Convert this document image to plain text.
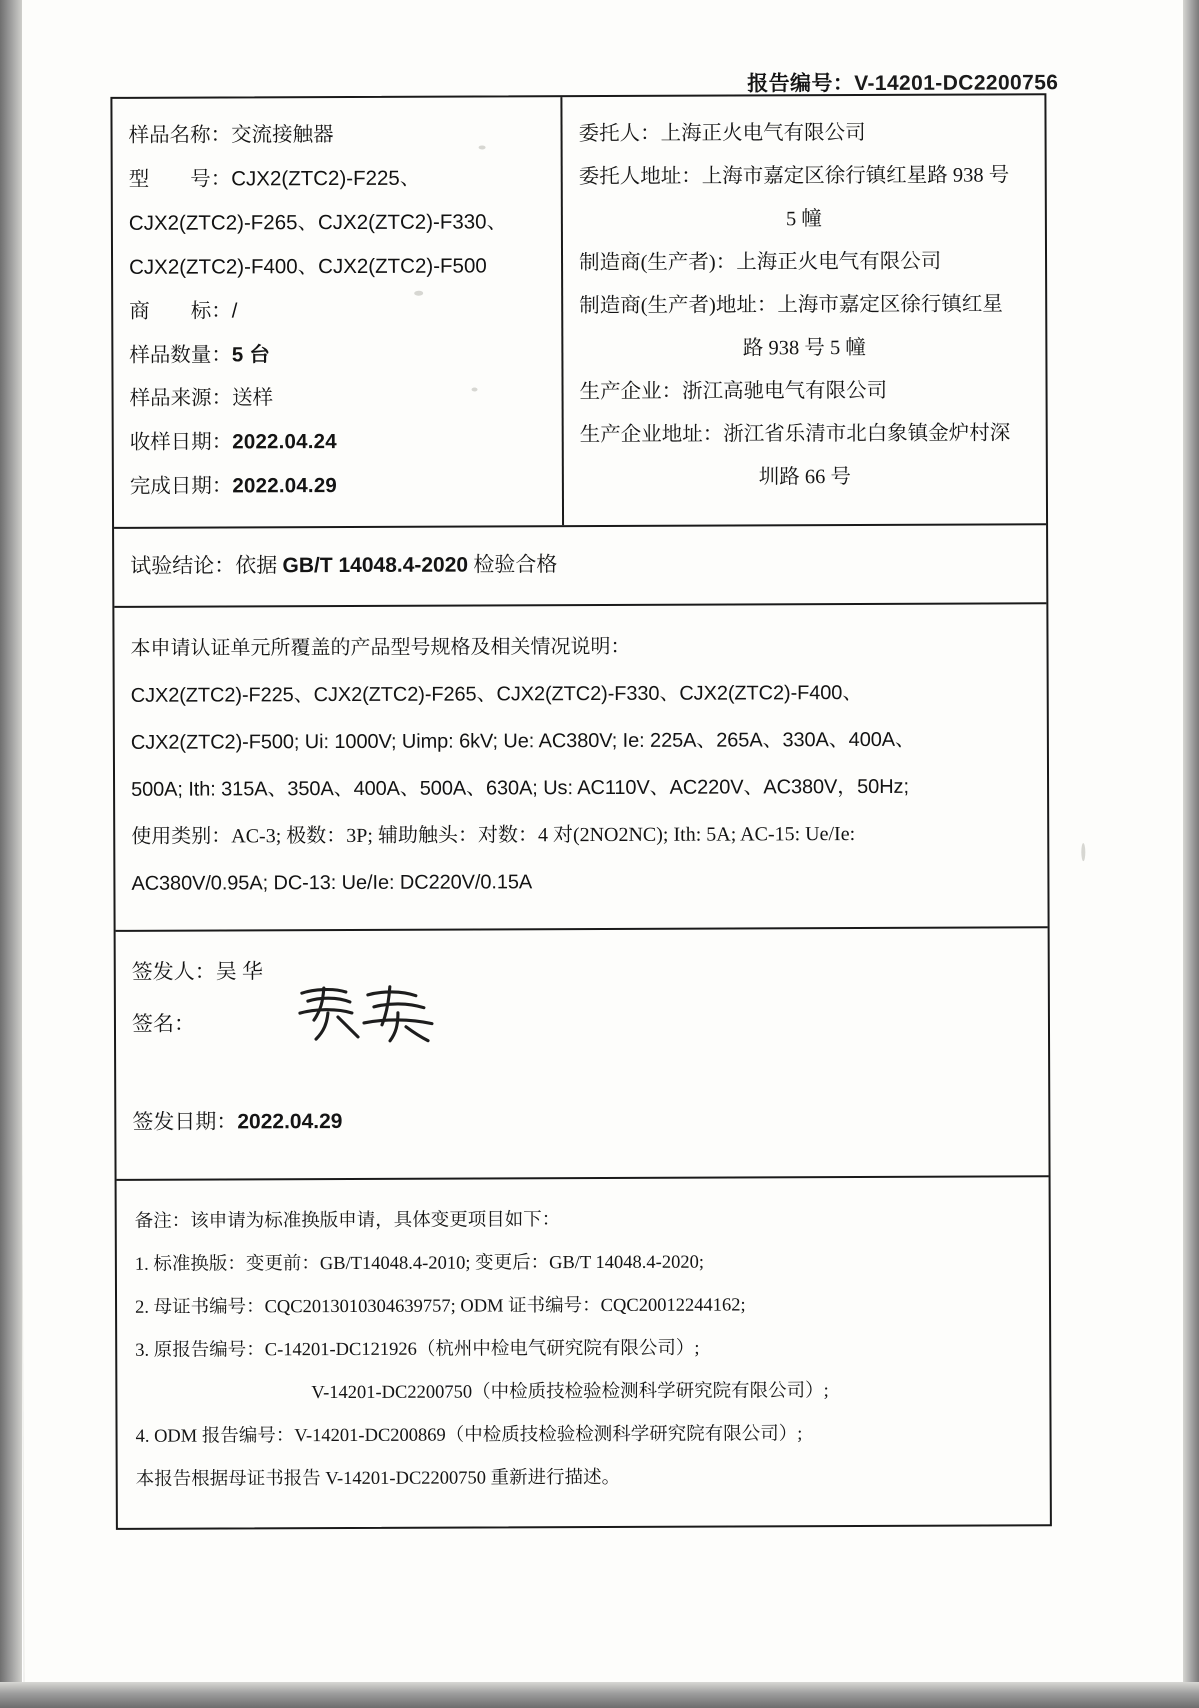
报告编号：V-14201-DC2200756
样品名称：交流接触器
型　　号：CJX2(ZTC2)-F225、
CJX2(ZTC2)-F265、CJX2(ZTC2)-F330、
CJX2(ZTC2)-F400、CJX2(ZTC2)-F500
商　　标：/
样品数量：5 台
样品来源：送样
收样日期：2022.04.24
完成日期：2022.04.29
委托人：上海正火电气有限公司
委托人地址：上海市嘉定区徐行镇红星路 938 号
5 幢
制造商(生产者)：上海正火电气有限公司
制造商(生产者)地址：上海市嘉定区徐行镇红星
路 938 号 5 幢
生产企业：浙江高驰电气有限公司
生产企业地址：浙江省乐清市北白象镇金炉村深
圳路 66 号
试验结论：依据 GB/T 14048.4-2020 检验合格
本申请认证单元所覆盖的产品型号规格及相关情况说明：
CJX2(ZTC2)-F225、CJX2(ZTC2)-F265、CJX2(ZTC2)-F330、CJX2(ZTC2)-F400、
CJX2(ZTC2)-F500; Ui: 1000V; Uimp: 6kV; Ue: AC380V; Ie: 225A、265A、330A、400A、
500A; Ith: 315A、350A、400A、500A、630A; Us: AC110V、AC220V、AC380V，50Hz;
使用类别：AC-3; 极数：3P; 辅助触头：对数：4 对(2NO2NC); Ith: 5A; AC-15: Ue/Ie:
AC380V/0.95A; DC-13: Ue/Ie: DC220V/0.15A
签发人：吴 华
签名：
签发日期：2022.04.29
备注：该申请为标准换版申请，具体变更项目如下：
1. 标准换版：变更前：GB/T14048.4-2010; 变更后：GB/T 14048.4-2020;
2. 母证书编号：CQC2013010304639757; ODM 证书编号：CQC20012244162;
3. 原报告编号：C-14201-DC121926（杭州中检电气研究院有限公司）;
V-14201-DC2200750（中检质技检验检测科学研究院有限公司）;
4. ODM 报告编号：V-14201-DC200869（中检质技检验检测科学研究院有限公司）;
本报告根据母证书报告 V-14201-DC2200750 重新进行描述。
